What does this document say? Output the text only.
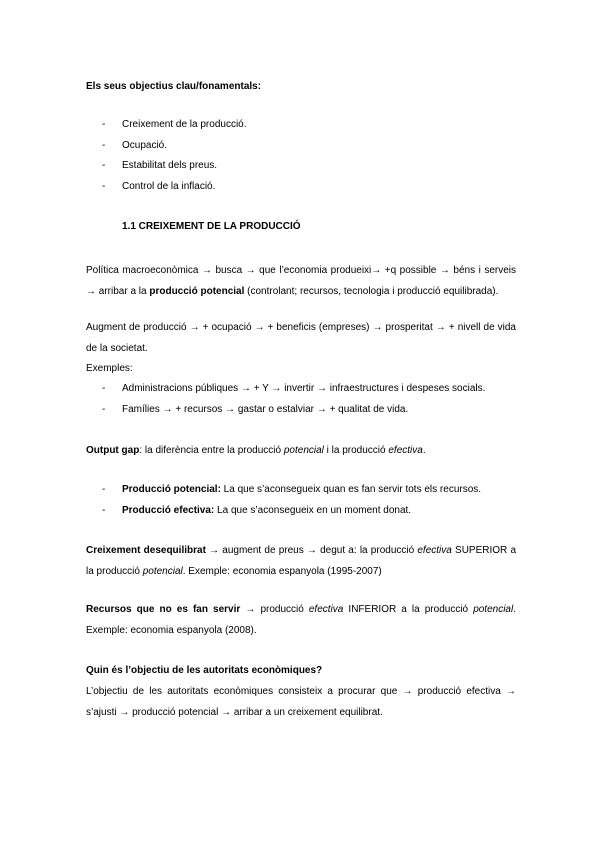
Els seus objectius clau/fonamentals:
- Creixement de la producció.
- Ocupació.
- Estabilitat dels preus.
- Control de la inflació.
1.1 CREIXEMENT DE LA PRODUCCIÓ
Política macroeconòmica → busca → que l’economia produeixi→ +q possible → béns i serveis → arribar a la producció potencial (controlant; recursos, tecnologia i producció equilibrada).
Augment de producció → + ocupació → + beneficis (empreses) → prosperitat → + nivell de vida de la societat.
Exemples:
- Administracions públiques → + Y → invertir → infraestructures i despeses socials.
- Famílies → + recursos → gastar o estalviar → + qualitat de vida.
Output gap: la diferència entre la producció potencial i la producció efectiva.
- Producció potencial: La que s’aconsegueix quan es fan servir tots els recursos.
- Producció efectiva: La que s’aconsegueix en un moment donat.
Creixement desequilibrat → augment de preus → degut a: la producció efectiva SUPERIOR a la producció potencial. Exemple: economia espanyola (1995-2007)
Recursos que no es fan servir → producció efectiva INFERIOR a la producció potencial. Exemple: economia espanyola (2008).
Quin és l’objectiu de les autoritats econòmiques?
L’objectiu de les autoritats econòmiques consisteix a procurar que → producció efectiva → s’ajusti → producció potencial → arribar a un creixement equilibrat.
